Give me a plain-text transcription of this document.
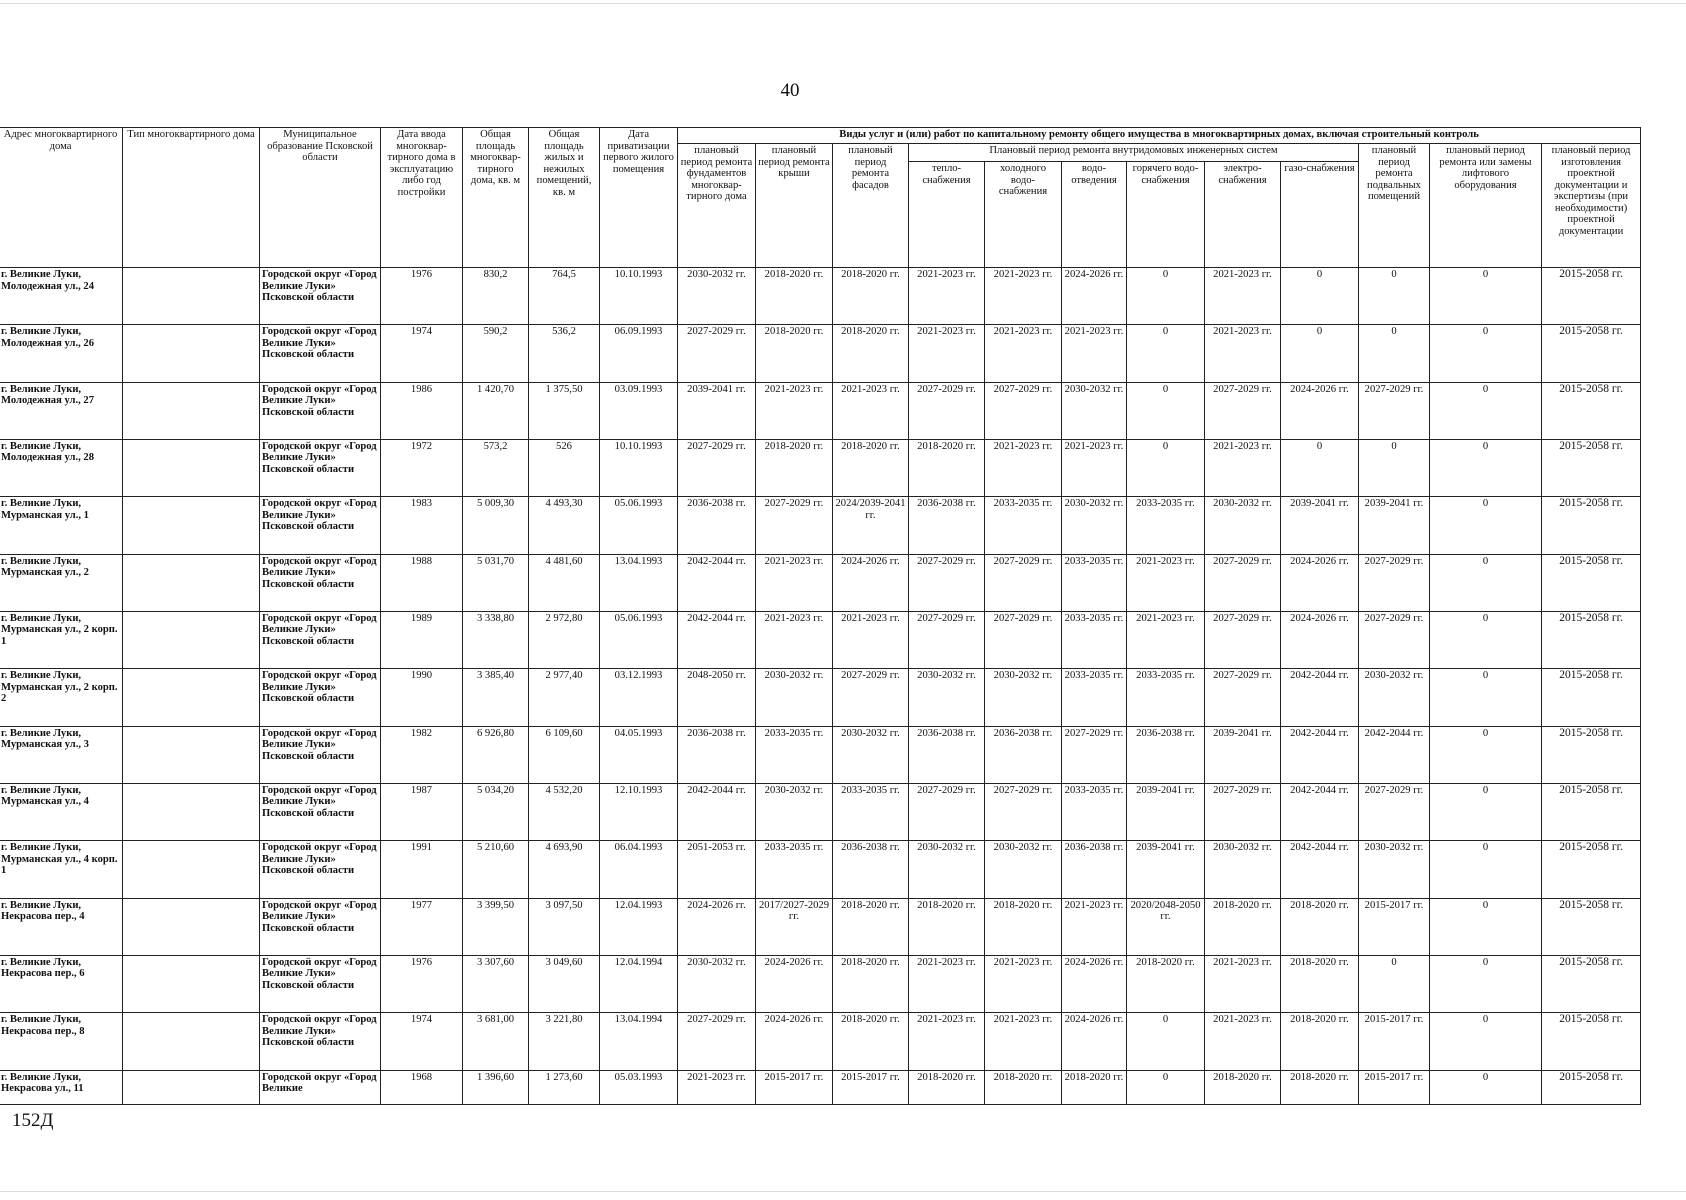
40
Адрес многоквартирного дома	Тип многоквартирного дома	Муниципальное образование Псковской области	Дата ввода многоквар-тирного дома в эксплуатацию либо год постройки	Общая площадь многоквар-тирного дома, кв. м	Общая площадь жилых и нежилых помещений, кв. м	Дата приватизации первого жилого помещения	Виды услуг и (или) работ по капитальному ремонту общего имущества в многоквартирных домах, включая строительный контроль											
							плановый период ремонта фундаментов многоквар-тирного дома	плановый период ремонта крыши	плановый период ремонта фасадов	Плановый период ремонта внутридомовых инженерных систем						плановый период ремонта подвальных помещений	плановый период ремонта или замены лифтового оборудования	плановый период изготовления проектной документации и экспертизы (при необходимости) проектной документации
										тепло-снабжения	холодного водо-снабжения	водо-отведения	горячего водо-снабжения	электро-снабжения	газо-снабжения			
г. Великие Луки, Молодежная ул., 24		Городской округ «Город Великие Луки» Псковской области	1976	830,2	764,5	10.10.1993	2030-2032 гг.	2018-2020 гг.	2018-2020 гг.	2021-2023 гг.	2021-2023 гг.	2024-2026 гг.	0	2021-2023 гг.	0	0	0	2015-2058 гг.
г. Великие Луки, Молодежная ул., 26		Городской округ «Город Великие Луки» Псковской области	1974	590,2	536,2	06.09.1993	2027-2029 гг.	2018-2020 гг.	2018-2020 гг.	2021-2023 гг.	2021-2023 гг.	2021-2023 гг.	0	2021-2023 гг.	0	0	0	2015-2058 гг.
г. Великие Луки, Молодежная ул., 27		Городской округ «Город Великие Луки» Псковской области	1986	1 420,70	1 375,50	03.09.1993	2039-2041 гг.	2021-2023 гг.	2021-2023 гг.	2027-2029 гг.	2027-2029 гг.	2030-2032 гг.	0	2027-2029 гг.	2024-2026 гг.	2027-2029 гг.	0	2015-2058 гг.
г. Великие Луки, Молодежная ул., 28		Городской округ «Город Великие Луки» Псковской области	1972	573,2	526	10.10.1993	2027-2029 гг.	2018-2020 гг.	2018-2020 гг.	2018-2020 гг.	2021-2023 гг.	2021-2023 гг.	0	2021-2023 гг.	0	0	0	2015-2058 гг.
г. Великие Луки, Мурманская ул., 1		Городской округ «Город Великие Луки» Псковской области	1983	5 009,30	4 493,30	05.06.1993	2036-2038 гг.	2027-2029 гг.	2024/2039-2041 гг.	2036-2038 гг.	2033-2035 гг.	2030-2032 гг.	2033-2035 гг.	2030-2032 гг.	2039-2041 гг.	2039-2041 гг.	0	2015-2058 гг.
г. Великие Луки, Мурманская ул., 2		Городской округ «Город Великие Луки» Псковской области	1988	5 031,70	4 481,60	13.04.1993	2042-2044 гг.	2021-2023 гг.	2024-2026 гг.	2027-2029 гг.	2027-2029 гг.	2033-2035 гг.	2021-2023 гг.	2027-2029 гг.	2024-2026 гг.	2027-2029 гг.	0	2015-2058 гг.
г. Великие Луки, Мурманская ул., 2 корп. 1		Городской округ «Город Великие Луки» Псковской области	1989	3 338,80	2 972,80	05.06.1993	2042-2044 гг.	2021-2023 гг.	2021-2023 гг.	2027-2029 гг.	2027-2029 гг.	2033-2035 гг.	2021-2023 гг.	2027-2029 гг.	2024-2026 гг.	2027-2029 гг.	0	2015-2058 гг.
г. Великие Луки, Мурманская ул., 2 корп. 2		Городской округ «Город Великие Луки» Псковской области	1990	3 385,40	2 977,40	03.12.1993	2048-2050 гг.	2030-2032 гг.	2027-2029 гг.	2030-2032 гг.	2030-2032 гг.	2033-2035 гг.	2033-2035 гг.	2027-2029 гг.	2042-2044 гг.	2030-2032 гг.	0	2015-2058 гг.
г. Великие Луки, Мурманская ул., 3		Городской округ «Город Великие Луки» Псковской области	1982	6 926,80	6 109,60	04.05.1993	2036-2038 гг.	2033-2035 гг.	2030-2032 гг.	2036-2038 гг.	2036-2038 гг.	2027-2029 гг.	2036-2038 гг.	2039-2041 гг.	2042-2044 гг.	2042-2044 гг.	0	2015-2058 гг.
г. Великие Луки, Мурманская ул., 4		Городской округ «Город Великие Луки» Псковской области	1987	5 034,20	4 532,20	12.10.1993	2042-2044 гг.	2030-2032 гг.	2033-2035 гг.	2027-2029 гг.	2027-2029 гг.	2033-2035 гг.	2039-2041 гг.	2027-2029 гг.	2042-2044 гг.	2027-2029 гг.	0	2015-2058 гг.
г. Великие Луки, Мурманская ул., 4 корп. 1		Городской округ «Город Великие Луки» Псковской области	1991	5 210,60	4 693,90	06.04.1993	2051-2053 гг.	2033-2035 гг.	2036-2038 гг.	2030-2032 гг.	2030-2032 гг.	2036-2038 гг.	2039-2041 гг.	2030-2032 гг.	2042-2044 гг.	2030-2032 гг.	0	2015-2058 гг.
г. Великие Луки, Некрасова пер., 4		Городской округ «Город Великие Луки» Псковской области	1977	3 399,50	3 097,50	12.04.1993	2024-2026 гг.	2017/2027-2029 гг.	2018-2020 гг.	2018-2020 гг.	2018-2020 гг.	2021-2023 гг.	2020/2048-2050 гг.	2018-2020 гг.	2018-2020 гг.	2015-2017 гг.	0	2015-2058 гг.
г. Великие Луки, Некрасова пер., 6		Городской округ «Город Великие Луки» Псковской области	1976	3 307,60	3 049,60	12.04.1994	2030-2032 гг.	2024-2026 гг.	2018-2020 гг.	2021-2023 гг.	2021-2023 гг.	2024-2026 гг.	2018-2020 гг.	2021-2023 гг.	2018-2020 гг.	0	0	2015-2058 гг.
г. Великие Луки, Некрасова пер., 8		Городской округ «Город Великие Луки» Псковской области	1974	3 681,00	3 221,80	13.04.1994	2027-2029 гг.	2024-2026 гг.	2018-2020 гг.	2021-2023 гг.	2021-2023 гг.	2024-2026 гг.	0	2021-2023 гг.	2018-2020 гг.	2015-2017 гг.	0	2015-2058 гг.
г. Великие Луки, Некрасова ул., 11		Городской округ «Город Великие	1968	1 396,60	1 273,60	05.03.1993	2021-2023 гг.	2015-2017 гг.	2015-2017 гг.	2018-2020 гг.	2018-2020 гг.	2018-2020 гг.	0	2018-2020 гг.	2018-2020 гг.	2015-2017 гг.	0	2015-2058 гг.
152Д
